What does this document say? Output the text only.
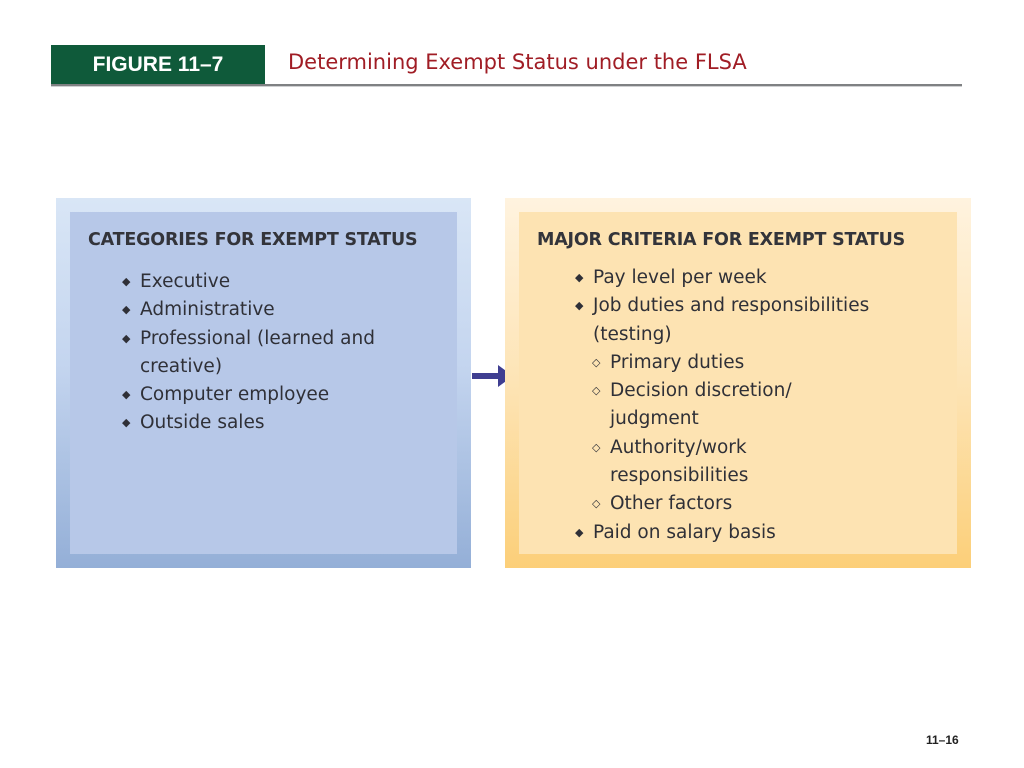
FIGURE 11–7	Determining Exempt Status under the FLSA
CATEGORIES FOR EXEMPT STATUS
◆ Executive
◆ Administrative
◆ Professional (learned and
creative)
◆ Computer employee
◆ Outside sales
MAJOR CRITERIA FOR EXEMPT STATUS
◆ Pay level per week
◆ Job duties and responsibilities
(testing)
◇ Primary duties
◇ Decision discretion/
judgment
◇ Authority/work
responsibilities
◇ Other factors
◆ Paid on salary basis
11–16
